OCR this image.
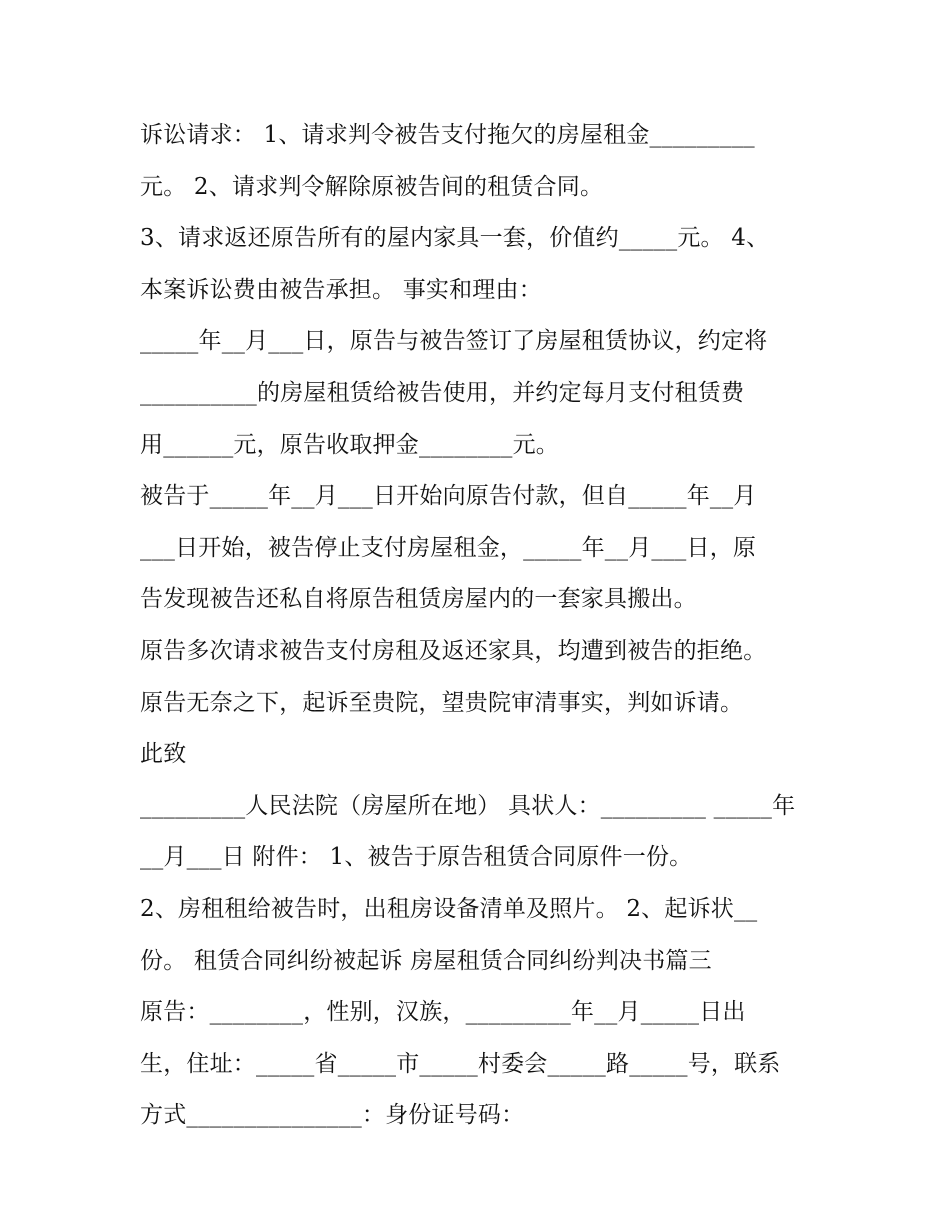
诉讼请求： 1、请求判令被告支付拖欠的房屋租金_________
元。 2、请求判令解除原被告间的租赁合同。
3、请求返还原告所有的屋内家具一套，价值约_____元。 4、
本案诉讼费由被告承担。 事实和理由：
_____年__月___日，原告与被告签订了房屋租赁协议，约定将
__________的房屋租赁给被告使用，并约定每月支付租赁费
用______元，原告收取押金________元。
被告于_____年__月___日开始向原告付款，但自_____年__月
___日开始，被告停止支付房屋租金，_____年__月___日，原
告发现被告还私自将原告租赁房屋内的一套家具搬出。
原告多次请求被告支付房租及返还家具，均遭到被告的拒绝。
原告无奈之下，起诉至贵院，望贵院审清事实，判如诉请。
此致
_________人民法院（房屋所在地） 具状人：_________ _____年
__月___日 附件： 1、被告于原告租赁合同原件一份。
2、房租租给被告时，出租房设备清单及照片。 2、起诉状__
份。 租赁合同纠纷被起诉 房屋租赁合同纠纷判决书篇三
原告：________，性别，汉族，_________年__月_____日出
生，住址：_____省_____市_____村委会_____路_____号，联系
方式_______________：身份证号码：
